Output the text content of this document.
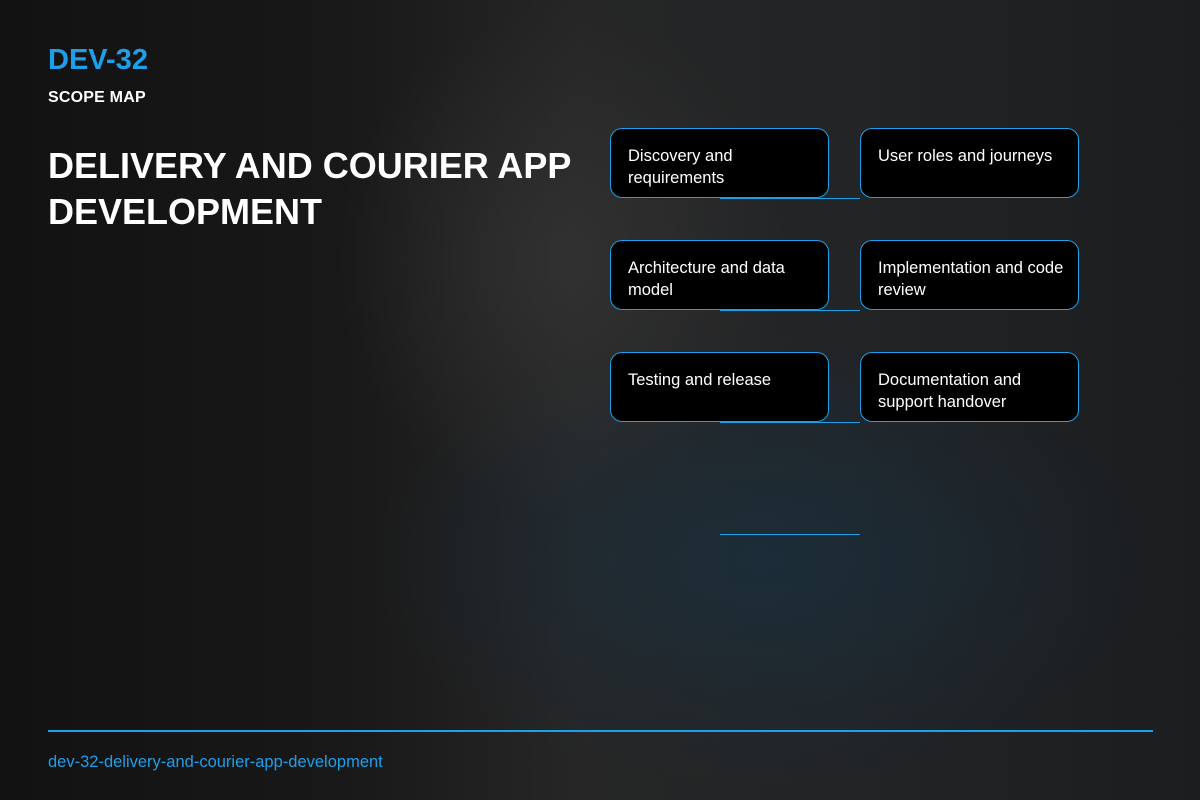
DEV-32
SCOPE MAP
DELIVERY AND COURIER APP DEVELOPMENT
Discovery and requirements
User roles and journeys
Architecture and data model
Implementation and code review
Testing and release	Documentation and support handover
dev-32-delivery-and-courier-app-development
